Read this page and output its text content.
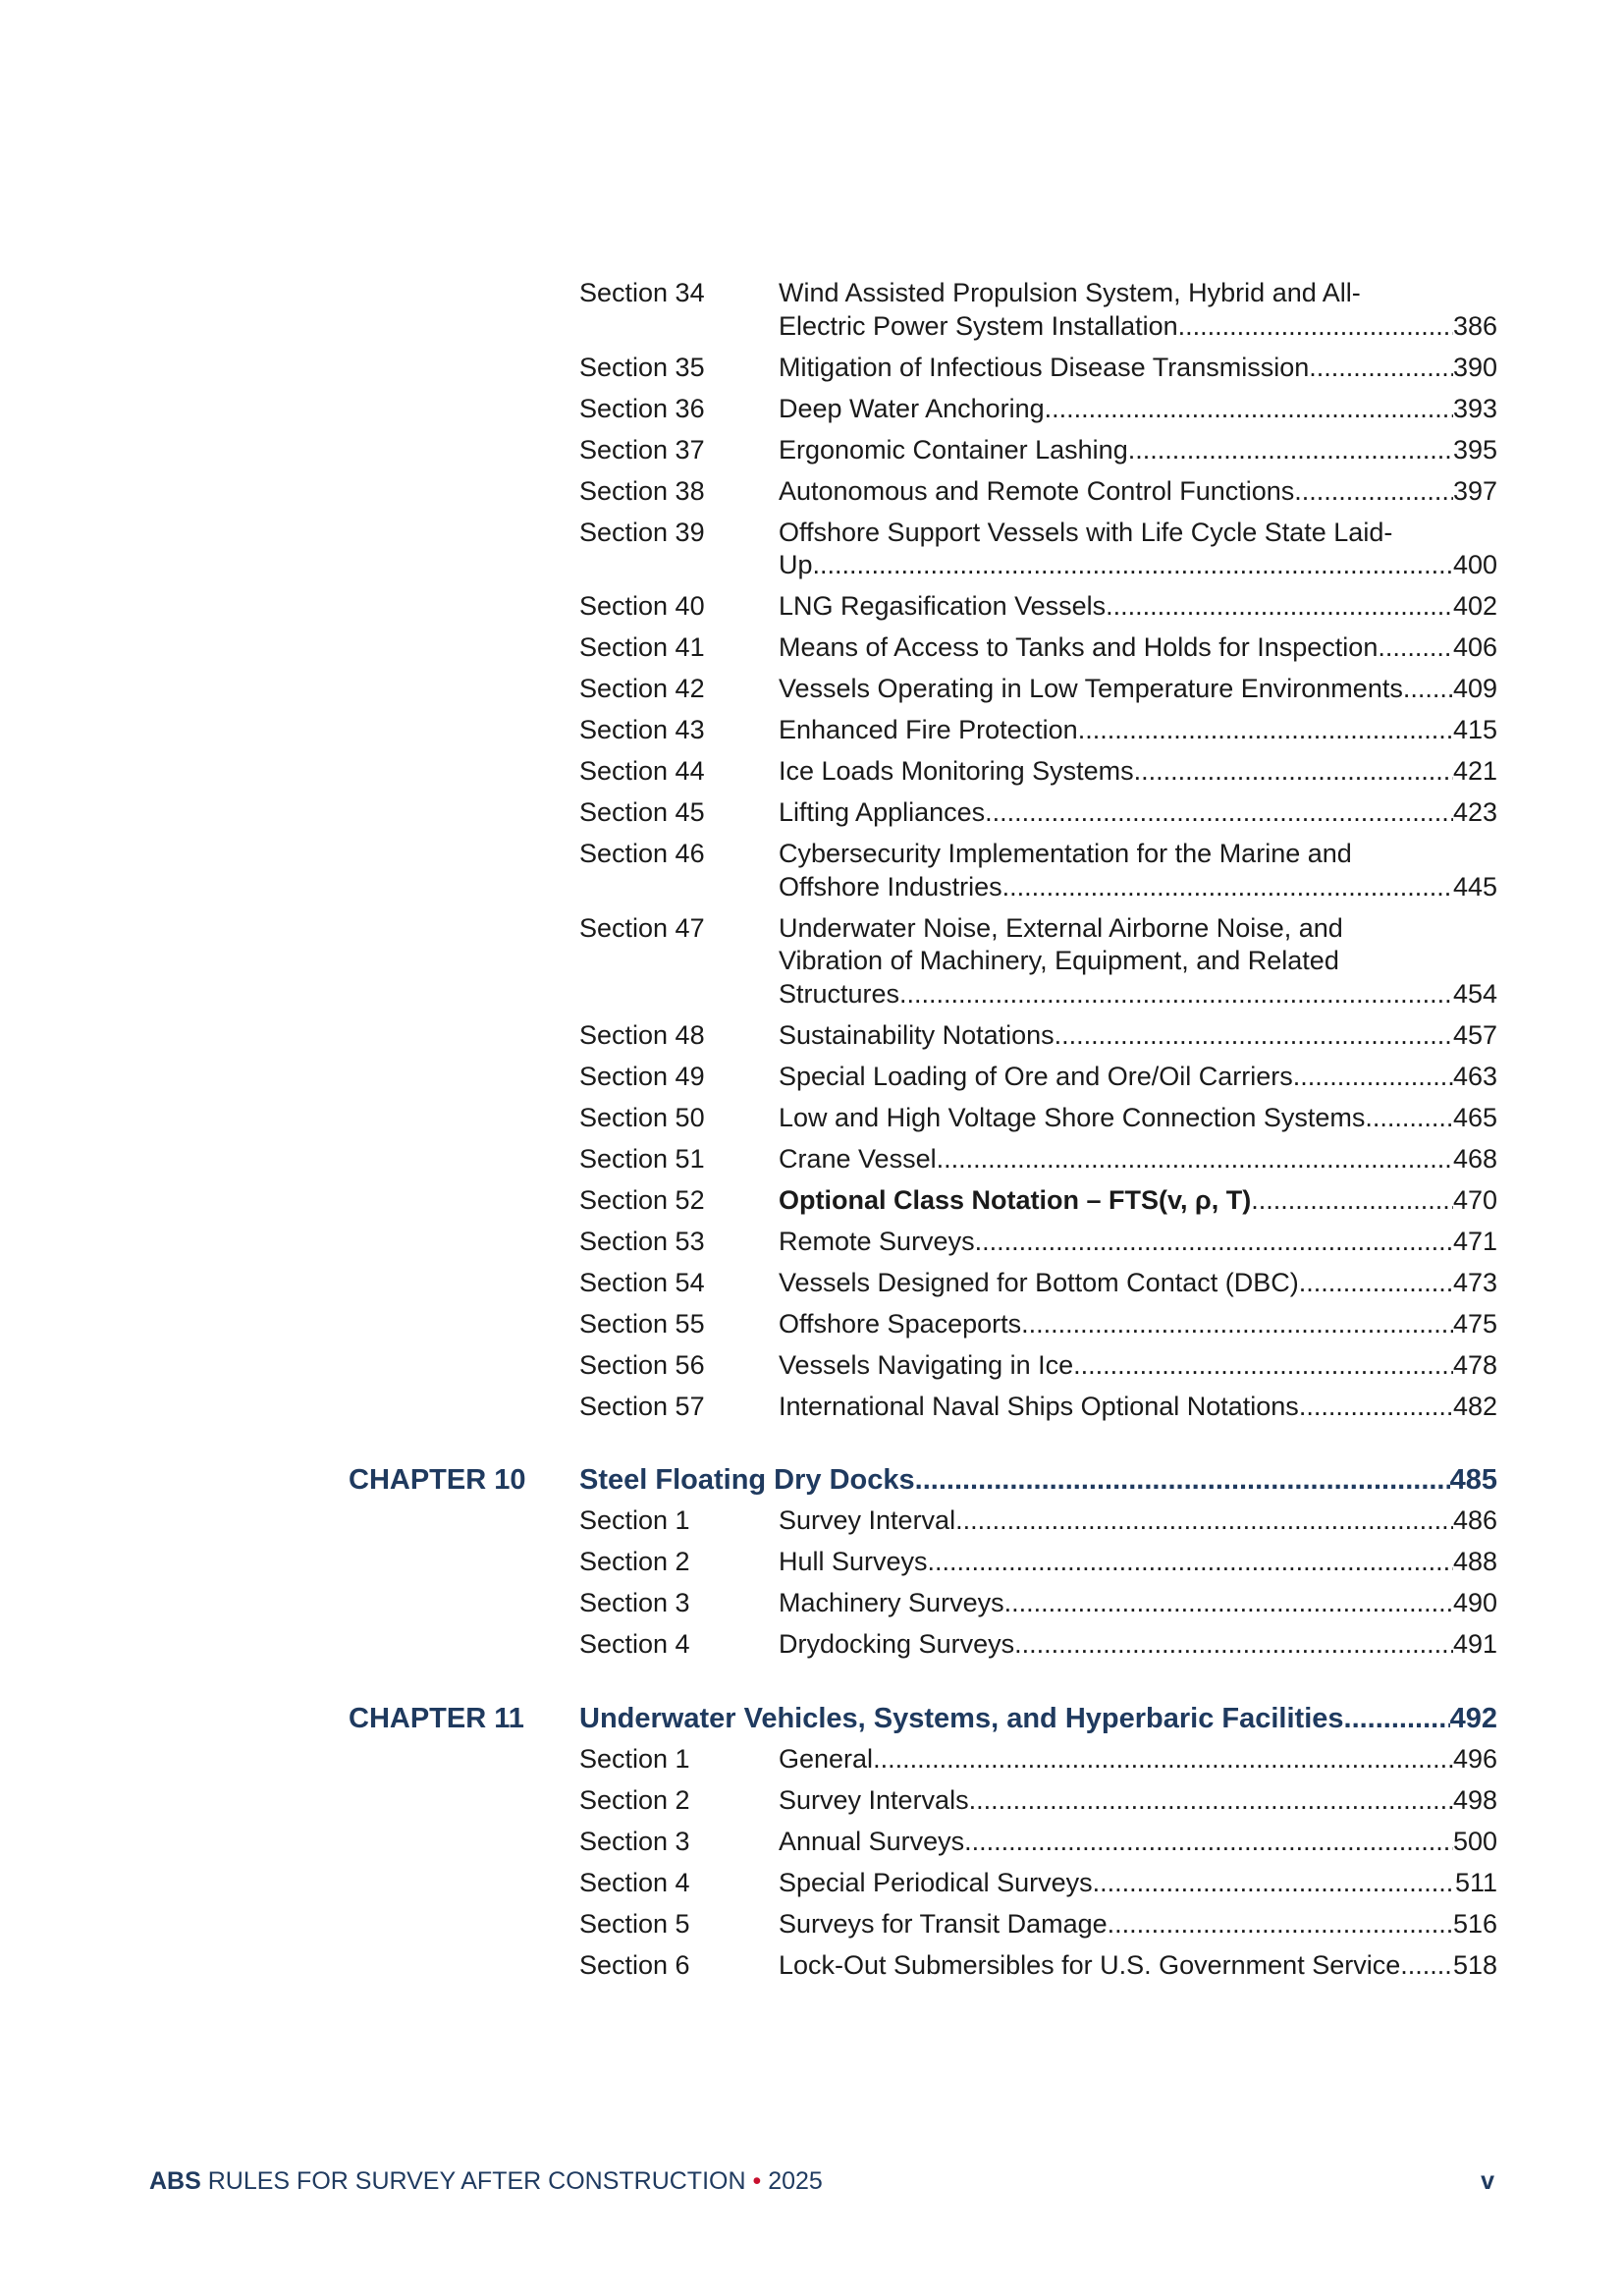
Section 34	Wind Assisted Propulsion System, Hybrid and All-
Electric Power System Installation .....	386
Section 35	Mitigation of Infectious Disease Transmission .....	390
Section 36	Deep Water Anchoring .....	393
Section 37	Ergonomic Container Lashing .....	395
Section 38	Autonomous and Remote Control Functions .....	397
Section 39	Offshore Support Vessels with Life Cycle State Laid-
Up .....	400
Section 40	LNG Regasification Vessels .....	402
Section 41	Means of Access to Tanks and Holds for Inspection .....	406
Section 42	Vessels Operating in Low Temperature Environments ..... 409
Section 43	Enhanced Fire Protection .....	415
Section 44	Ice Loads Monitoring Systems .....	421
Section 45	Lifting Appliances .....	423
Section 46	Cybersecurity Implementation for the Marine and
Offshore Industries .....	445
Section 47	Underwater Noise, External Airborne Noise, and
Vibration of Machinery, Equipment, and Related
Structures .....	454
Section 48	Sustainability Notations .....	457
Section 49	Special Loading of Ore and Ore/Oil Carriers .....	463
Section 50	Low and High Voltage Shore Connection Systems .....	465
Section 51	Crane Vessel .....	468
Section 52	Optional Class Notation – FTS(v, ρ, T) .....	470
Section 53	Remote Surveys .....	471
Section 54	Vessels Designed for Bottom Contact (DBC) .....	473
Section 55	Offshore Spaceports .....	475
Section 56	Vessels Navigating in Ice .....	478
Section 57	International Naval Ships Optional Notations .....	482
CHAPTER 10	Steel Floating Dry Docks .....	485
Section 1	Survey Interval .....	486
Section 2	Hull Surveys .....	488
Section 3	Machinery Surveys .....	490
Section 4	Drydocking Surveys .....	491
CHAPTER 11	Underwater Vehicles, Systems, and Hyperbaric Facilities .....	492
Section 1	General .....	496
Section 2	Survey Intervals .....	498
Section 3	Annual Surveys .....	500
Section 4	Special Periodical Surveys .....	511
Section 5	Surveys for Transit Damage .....	516
Section 6	Lock-Out Submersibles for U.S. Government Service ..... 518
ABS
RULES FOR SURVEY AFTER CONSTRUCTION
•
2025	v
